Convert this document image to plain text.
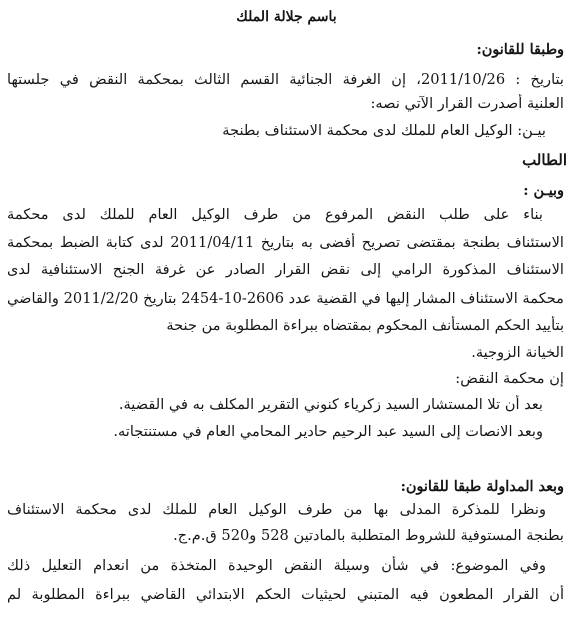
باسم جلالة الملك
وطبقا للقانون:
بتاريخ : 2011/10/26، إن الغرفة الجنائية القسم الثالث بمحكمة النقض في جلستها
العلنية أصدرت القرار الآتي نصه:
بيـن: الوكيل العام للملك لدى محكمة الاستئناف بطنجة
الطالب
وبيـن :
بناء على طلب النقض المرفوع من طرف الوكيل العام للملك لدى محكمة
الاستئناف بطنجة بمقتضى تصريح أفضى به بتاريخ 2011/04/11 لدى كتابة الضبط بمحكمة
الاستئناف المذكورة الرامي إلى نقض القرار الصادر عن غرفة الجنح الاستئنافية لدى
محكمة الاستئناف المشار إليها في القضية عدد 2606-10-2454 بتاريخ 2011/2/20 والقاضي
بتأييد الحكم المستأنف المحكوم بمقتضاه ببراءة المطلوبة من جنحة
الخيانة الزوجية.
إن محكمة النقض:
بعد أن تلا المستشار السيد زكرياء كنوني التقرير المكلف به في القضية.
وبعد الانصات إلى السيد عبد الرحيم حادير المحامي العام في مستنتجاته.
وبعد المداولة طبقا للقانون:
ونظرا للمذكرة المدلى بها من طرف الوكيل العام للملك لدى محكمة الاستئناف
بطنجة المستوفية للشروط المتطلبة بالمادتين 528 و520 ق.م.ج.
وفي الموضوع: في شأن وسيلة النقض الوحيدة المتخذة من انعدام التعليل ذلك
أن القرار المطعون فيه المتبني لحيثيات الحكم الابتدائي القاضي ببراءة المطلوبة لم
